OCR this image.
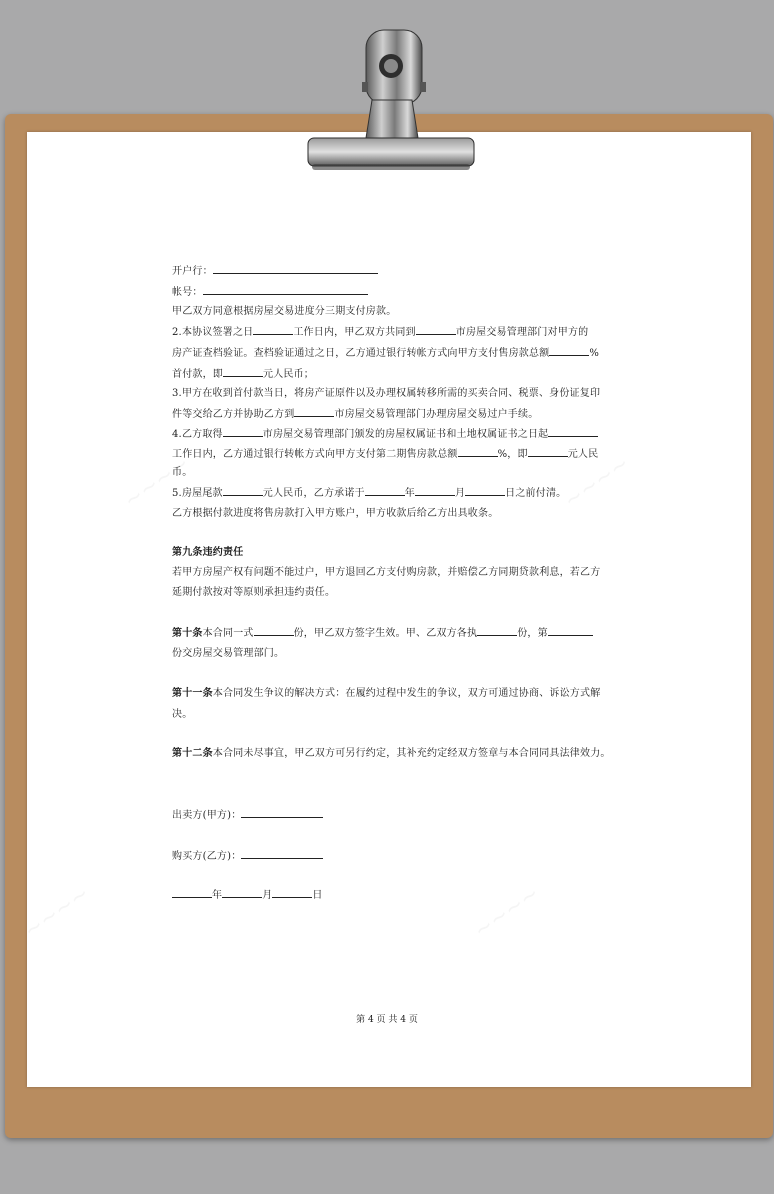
开户行：
帐号：
甲乙双方同意根据房屋交易进度分三期支付房款。
2.本协议签署之日	工作日内，甲乙双方共同到	市房屋交易管理部门对甲方的
房产证查档验证。查档验证通过之日，乙方通过银行转帐方式向甲方支付售房款总额	%
首付款，即	元人民币；
3.甲方在收到首付款当日，将房产证原件以及办理权属转移所需的买卖合同、税票、身份证复印
件等交给乙方并协助乙方到	市房屋交易管理部门办理房屋交易过户手续。
4.乙方取得	市房屋交易管理部门颁发的房屋权属证书和土地权属证书之日起
工作日内，乙方通过银行转帐方式向甲方支付第二期售房款总额	%，即	元人民
币。
5.房屋尾款	元人民币，乙方承诺于	年	月	日之前付清。
乙方根据付款进度将售房款打入甲方账户，甲方收款后给乙方出具收条。
第九条违约责任
若甲方房屋产权有问题不能过户，甲方退回乙方支付购房款，并赔偿乙方同期贷款利息，若乙方
延期付款按对等原则承担违约责任。
第十条本合同一式	份，甲乙双方签字生效。甲、乙双方各执	份，第
份交房屋交易管理部门。
第十一条本合同发生争议的解决方式：在履约过程中发生的争议，双方可通过协商、诉讼方式解
决。
第十二条本合同未尽事宜，甲乙双方可另行约定，其补充约定经双方签章与本合同同具法律效力。
出卖方(甲方)：
购买方(乙方)：
年	月	日
第 4 页 共 4 页
